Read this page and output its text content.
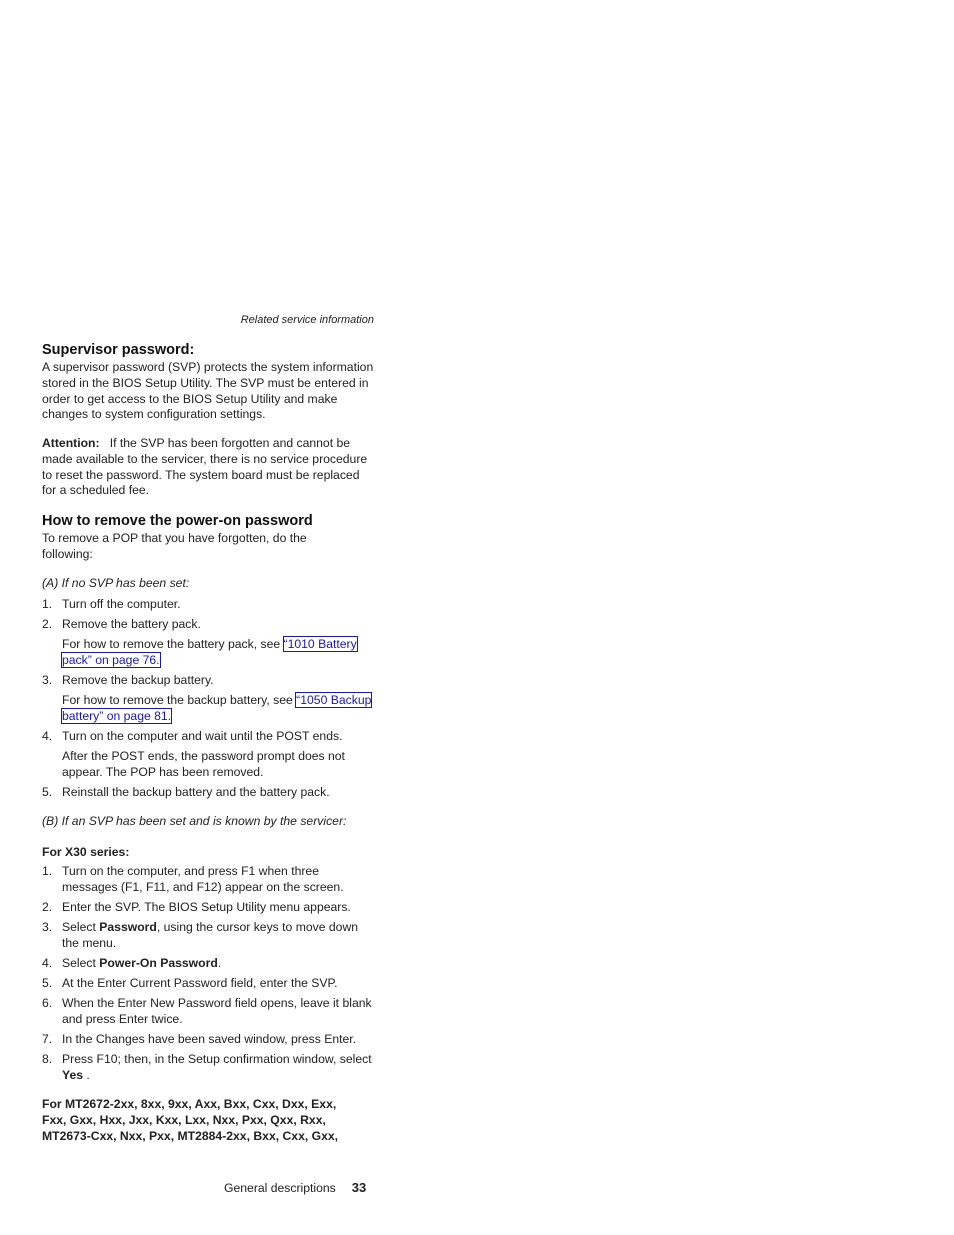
Related service information
Supervisor password:

A supervisor password (SVP) protects the system information stored in the BIOS Setup Utility. The SVP must be entered in order to get access to the BIOS Setup Utility and make changes to system configuration settings.

Attention: If the SVP has been forgotten and cannot be made available to the servicer, there is no service procedure to reset the password. The system board must be replaced for a scheduled fee.

How to remove the power-on password

To remove a POP that you have forgotten, do the following:

(A) If no SVP has been set:

1. Turn off the computer.
2. Remove the battery pack.
For how to remove the battery pack, see “1010 Battery pack” on page 76.
3. Remove the backup battery.
For how to remove the backup battery, see “1050 Backup battery” on page 81.
4. Turn on the computer and wait until the POST ends.
After the POST ends, the password prompt does not appear. The POP has been removed.
5. Reinstall the backup battery and the battery pack.

(B) If an SVP has been set and is known by the servicer:

For X30 series:

1. Turn on the computer, and press F1 when three messages (F1, F11, and F12) appear on the screen.
2. Enter the SVP. The BIOS Setup Utility menu appears.
3. Select Password, using the cursor keys to move down the menu.
4. Select Power-On Password.
5. At the Enter Current Password field, enter the SVP.
6. When the Enter New Password field opens, leave it blank and press Enter twice.
7. In the Changes have been saved window, press Enter.
8. Press F10; then, in the Setup confirmation window, select Yes .

For MT2672-2xx, 8xx, 9xx, Axx, Bxx, Cxx, Dxx, Exx, Fxx, Gxx, Hxx, Jxx, Kxx, Lxx, Nxx, Pxx, Qxx, Rxx, MT2673-Cxx, Nxx, Pxx, MT2884-2xx, Bxx, Cxx, Gxx,

General descriptions 33
